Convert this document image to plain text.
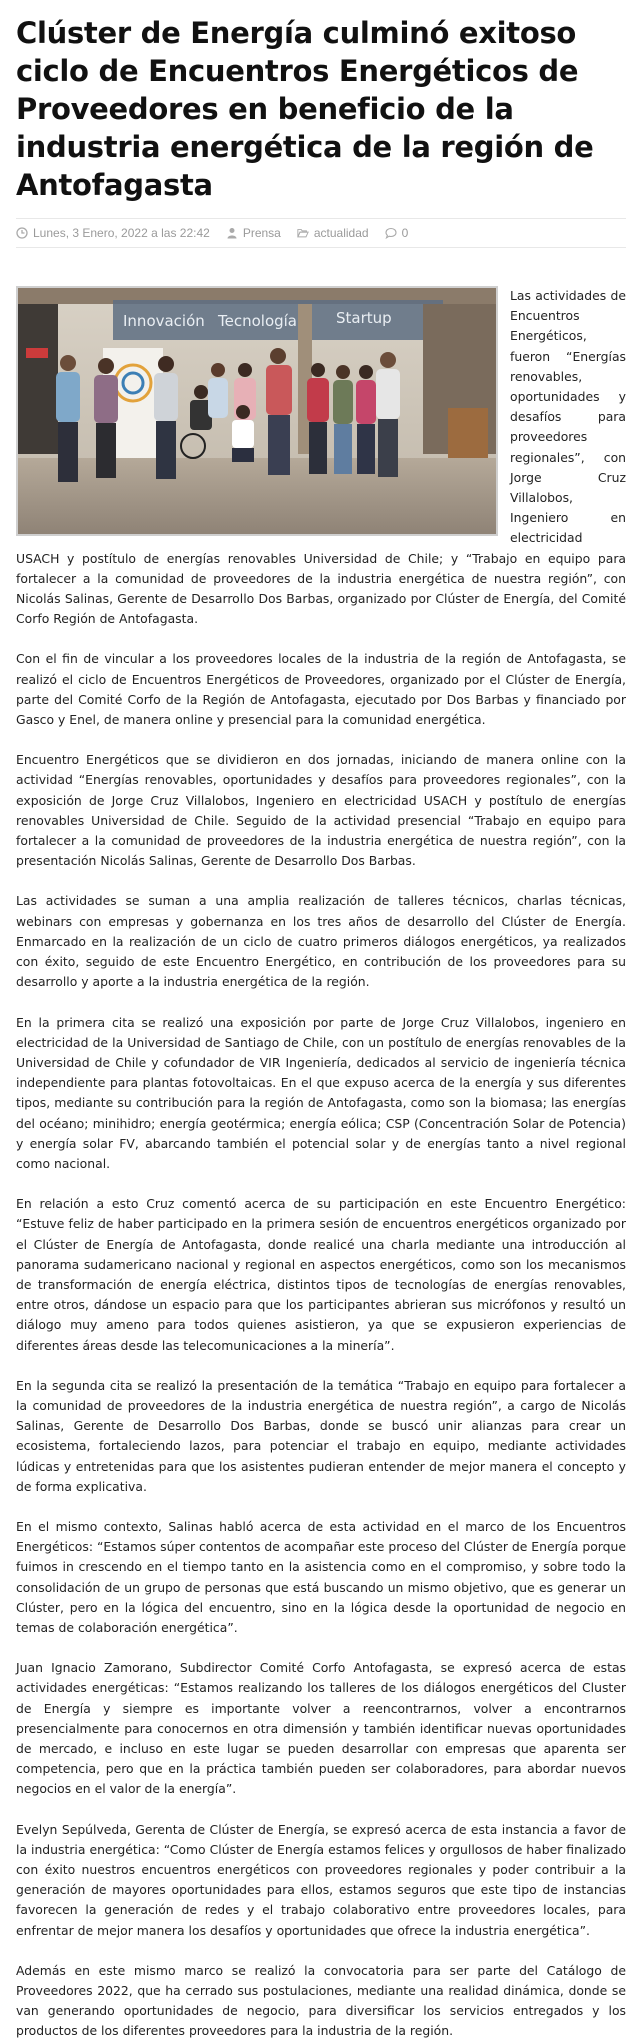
Clúster de Energía culminó exitoso ciclo de Encuentros Energéticos de Proveedores en beneficio de la industria energética de la región de Antofagasta
Lunes, 3 Enero, 2022 a las 22:42	Prensa	actualidad	0
Innovación Tecnología	Startup

Las actividades de Encuentros Energéticos, fueron “Energías renovables, oportunidades y desafíos para proveedores regionales”, con Jorge Cruz Villalobos, Ingeniero en electricidad USACH y postítulo de energías renovables Universidad de Chile; y “Trabajo en equipo para fortalecer a la comunidad de proveedores de la industria energética de nuestra región”, con Nicolás Salinas, Gerente de Desarrollo Dos Barbas, organizado por Clúster de Energía, del Comité Corfo Región de Antofagasta.

Con el fin de vincular a los proveedores locales de la industria de la región de Antofagasta, se realizó el ciclo de Encuentros Energéticos de Proveedores, organizado por el Clúster de Energía, parte del Comité Corfo de la Región de Antofagasta, ejecutado por Dos Barbas y financiado por Gasco y Enel, de manera online y presencial para la comunidad energética.

Encuentro Energéticos que se dividieron en dos jornadas, iniciando de manera online con la actividad “Energías renovables, oportunidades y desafíos para proveedores regionales”, con la exposición de Jorge Cruz Villalobos, Ingeniero en electricidad USACH y postítulo de energías renovables Universidad de Chile. Seguido de la actividad presencial “Trabajo en equipo para fortalecer a la comunidad de proveedores de la industria energética de nuestra región”, con la presentación Nicolás Salinas, Gerente de Desarrollo Dos Barbas.

Las actividades se suman a una amplia realización de talleres técnicos, charlas técnicas, webinars con empresas y gobernanza en los tres años de desarrollo del Clúster de Energía. Enmarcado en la realización de un ciclo de cuatro primeros diálogos energéticos, ya realizados con éxito, seguido de este Encuentro Energético, en contribución de los proveedores para su desarrollo y aporte a la industria energética de la región.

En la primera cita se realizó una exposición por parte de Jorge Cruz Villalobos, ingeniero en electricidad de la Universidad de Santiago de Chile, con un postítulo de energías renovables de la Universidad de Chile y cofundador de VIR Ingeniería, dedicados al servicio de ingeniería técnica independiente para plantas fotovoltaicas. En el que expuso acerca de la energía y sus diferentes tipos, mediante su contribución para la región de Antofagasta, como son la biomasa; las energías del océano; minihidro; energía geotérmica; energía eólica; CSP (Concentración Solar de Potencia) y energía solar FV, abarcando también el potencial solar y de energías tanto a nivel regional como nacional.

En relación a esto Cruz comentó acerca de su participación en este Encuentro Energético: “Estuve feliz de haber participado en la primera sesión de encuentros energéticos organizado por el Clúster de Energía de Antofagasta, donde realicé una charla mediante una introducción al panorama sudamericano nacional y regional en aspectos energéticos, como son los mecanismos de transformación de energía eléctrica, distintos tipos de tecnologías de energías renovables, entre otros, dándose un espacio para que los participantes abrieran sus micrófonos y resultó un diálogo muy ameno para todos quienes asistieron, ya que se expusieron experiencias de diferentes áreas desde las telecomunicaciones a la minería”.

En la segunda cita se realizó la presentación de la temática “Trabajo en equipo para fortalecer a la comunidad de proveedores de la industria energética de nuestra región”, a cargo de Nicolás Salinas, Gerente de Desarrollo Dos Barbas, donde se buscó unir alianzas para crear un ecosistema, fortaleciendo lazos, para potenciar el trabajo en equipo, mediante actividades lúdicas y entretenidas para que los asistentes pudieran entender de mejor manera el concepto y de forma explicativa.

En el mismo contexto, Salinas habló acerca de esta actividad en el marco de los Encuentros Energéticos: “Estamos súper contentos de acompañar este proceso del Clúster de Energía porque fuimos in crescendo en el tiempo tanto en la asistencia como en el compromiso, y sobre todo la consolidación de un grupo de personas que está buscando un mismo objetivo, que es generar un Clúster, pero en la lógica del encuentro, sino en la lógica desde la oportunidad de negocio en temas de colaboración energética”.

Juan Ignacio Zamorano, Subdirector Comité Corfo Antofagasta, se expresó acerca de estas actividades energéticas: “Estamos realizando los talleres de los diálogos energéticos del Cluster de Energía y siempre es importante volver a reencontrarnos, volver a encontrarnos presencialmente para conocernos en otra dimensión y también identificar nuevas oportunidades de mercado, e incluso en este lugar se pueden desarrollar con empresas que aparenta ser competencia, pero que en la práctica también pueden ser colaboradores, para abordar nuevos negocios en el valor de la energía”.

Evelyn Sepúlveda, Gerenta de Clúster de Energía, se expresó acerca de esta instancia a favor de la industria energética: “Como Clúster de Energía estamos felices y orgullosos de haber finalizado con éxito nuestros encuentros energéticos con proveedores regionales y poder contribuir a la generación de mayores oportunidades para ellos, estamos seguros que este tipo de instancias favorecen la generación de redes y el trabajo colaborativo entre proveedores locales, para enfrentar de mejor manera los desafíos y oportunidades que ofrece la industria energética”.

Además en este mismo marco se realizó la convocatoria para ser parte del Catálogo de Proveedores 2022, que ha cerrado sus postulaciones, mediante una realidad dinámica, donde se van generando oportunidades de negocio, para diversificar los servicios entregados y los productos de los diferentes proveedores para la industria de la región.
